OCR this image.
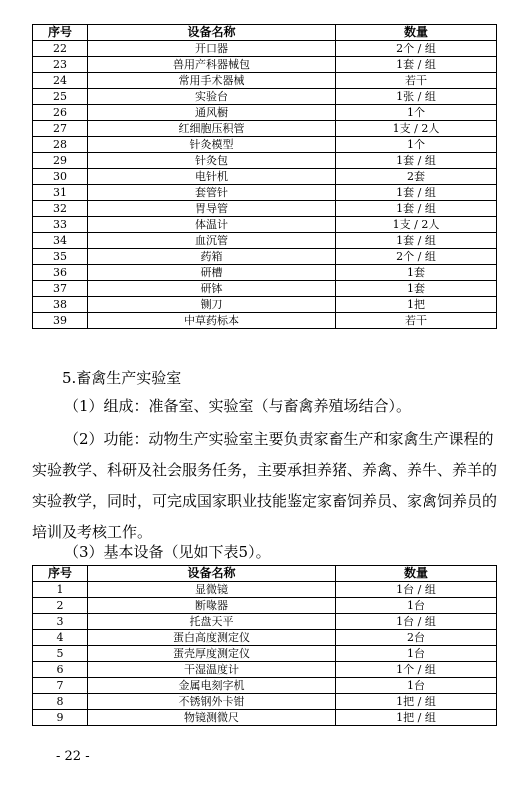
序号	设备名称	数量
22	开口器	2个 / 组
23	兽用产科器械包	1套 / 组
24	常用手术器械	若干
25	实验台	1张 / 组
26	通风橱	1个
27	红细胞压积管	1支 / 2人
28	针灸模型	1个
29	针灸包	1套 / 组
30	电针机	2套
31	套管针	1套 / 组
32	胃导管	1套 / 组
33	体温计	1支 / 2人
34	血沉管	1套 / 组
35	药箱	2个 / 组
36	研槽	1套
37	研钵	1套
38	铡刀	1把
39	中草药标本	若干

5.畜禽生产实验室

（1）组成：准备室、实验室（与畜禽养殖场结合）。

（2）功能：动物生产实验室主要负责家畜生产和家禽生产课程的实验教学、科研及社会服务任务，主要承担养猪、养禽、养牛、养羊的实验教学，同时，可完成国家职业技能鉴定家畜饲养员、家禽饲养员的培训及考核工作。

（3）基本设备（见如下表5）。

序号	设备名称	数量
1	显微镜	1台 / 组
2	断喙器	1台
3	托盘天平	1台 / 组
4	蛋白高度测定仪	2台
5	蛋壳厚度测定仪	1台
6	干湿温度计	1个 / 组
7	金属电刻字机	1台
8	不锈钢外卡钳	1把 / 组
9	物镜测微尺	1把 / 组
- 22 -
